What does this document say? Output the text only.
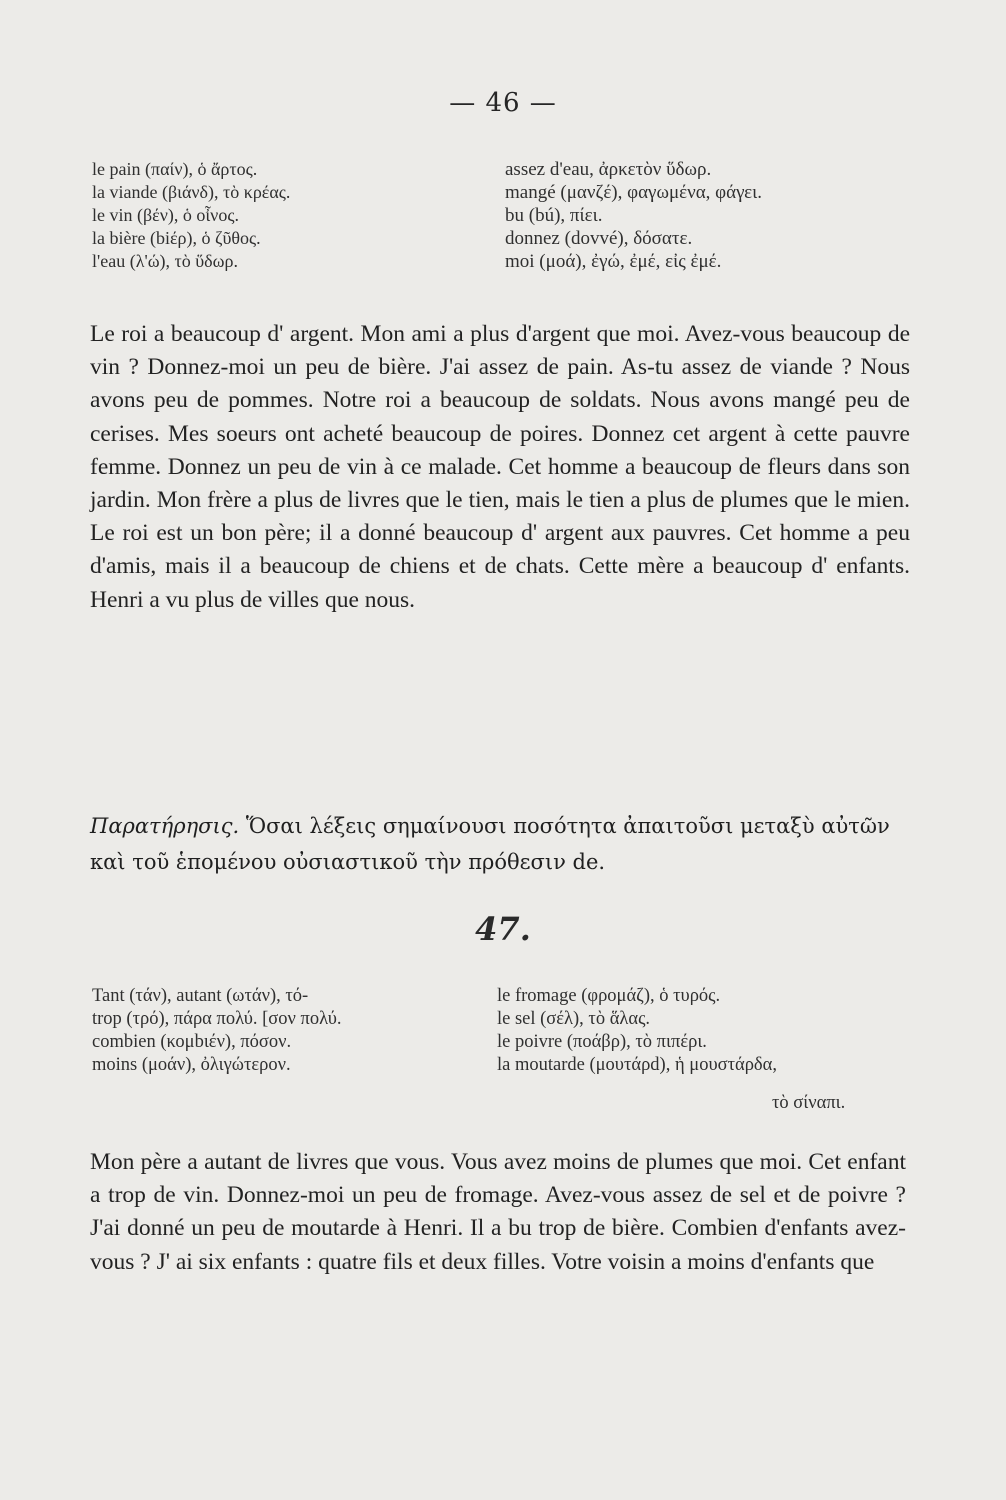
— 46 —
le pain (παίν), ὁ ἄρτος.
la viande (βιάνδ), τὸ κρέας.
le vin (βέν), ὁ οἶνος.
la bière (biέρ), ὁ ζῦθος.
l'eau (λ'ώ), τὸ ὕδωρ.
assez d'eau, ἀρκετὸν ὕδωρ.
mangé (μανζέ), φαγωμένα, φάγει.
bu (bú), πίει.
donnez (dovvé), δόσατε.
moi (μοά), ἐγώ, ἐμέ, εἰς ἐμέ.
Le roi a beaucoup d' argent. Mon ami a plus d'argent que moi. Avez-vous beaucoup de vin ? Donnez-moi un peu de bière. J'ai assez de pain. As-tu assez de viande ? Nous avons peu de pommes. Notre roi a beaucoup de soldats. Nous avons mangé peu de cerises. Mes soeurs ont acheté beaucoup de poires. Donnez cet argent à cette pauvre femme. Donnez un peu de vin à ce malade. Cet homme a beaucoup de fleurs dans son jardin. Mon frère a plus de livres que le tien, mais le tien a plus de plumes que le mien. Le roi est un bon père; il a donné beaucoup d' argent aux pauvres. Cet homme a peu d'amis, mais il a beaucoup de chiens et de chats. Cette mère a beaucoup d' enfants. Henri a vu plus de villes que nous.
Παρατήρησις. Ὅσαι λέξεις σημαίνουσι ποσότητα ἀπαιτοῦσι μεταξὺ αὐτῶν καὶ τοῦ ἑπομένου οὐσιαστικοῦ τὴν πρόθεσιν de.
47.
Tant (τάν), autant (ωτάν), τό-
trop (τρό), πάρα πολύ. [σον πολύ.
combien (κομbιέν), πόσον.
moins (μοάν), ὀλιγώτερον.
le fromage (φρομάζ), ὁ τυρός.
le sel (σέλ), τὸ ἅλας.
le poivre (ποάβρ), τὸ πιπέρι.
la moutarde (μουτάρd), ἡ μουστάρδα,
τὸ σίναπι.
Mon père a autant de livres que vous. Vous avez moins de plumes que moi. Cet enfant a trop de vin. Donnez-moi un peu de fromage. Avez-vous assez de sel et de poivre ? J'ai donné un peu de moutarde à Henri. Il a bu trop de bière. Combien d'enfants avez-vous ? J' ai six enfants : quatre fils et deux filles. Votre voisin a moins d'enfants que
